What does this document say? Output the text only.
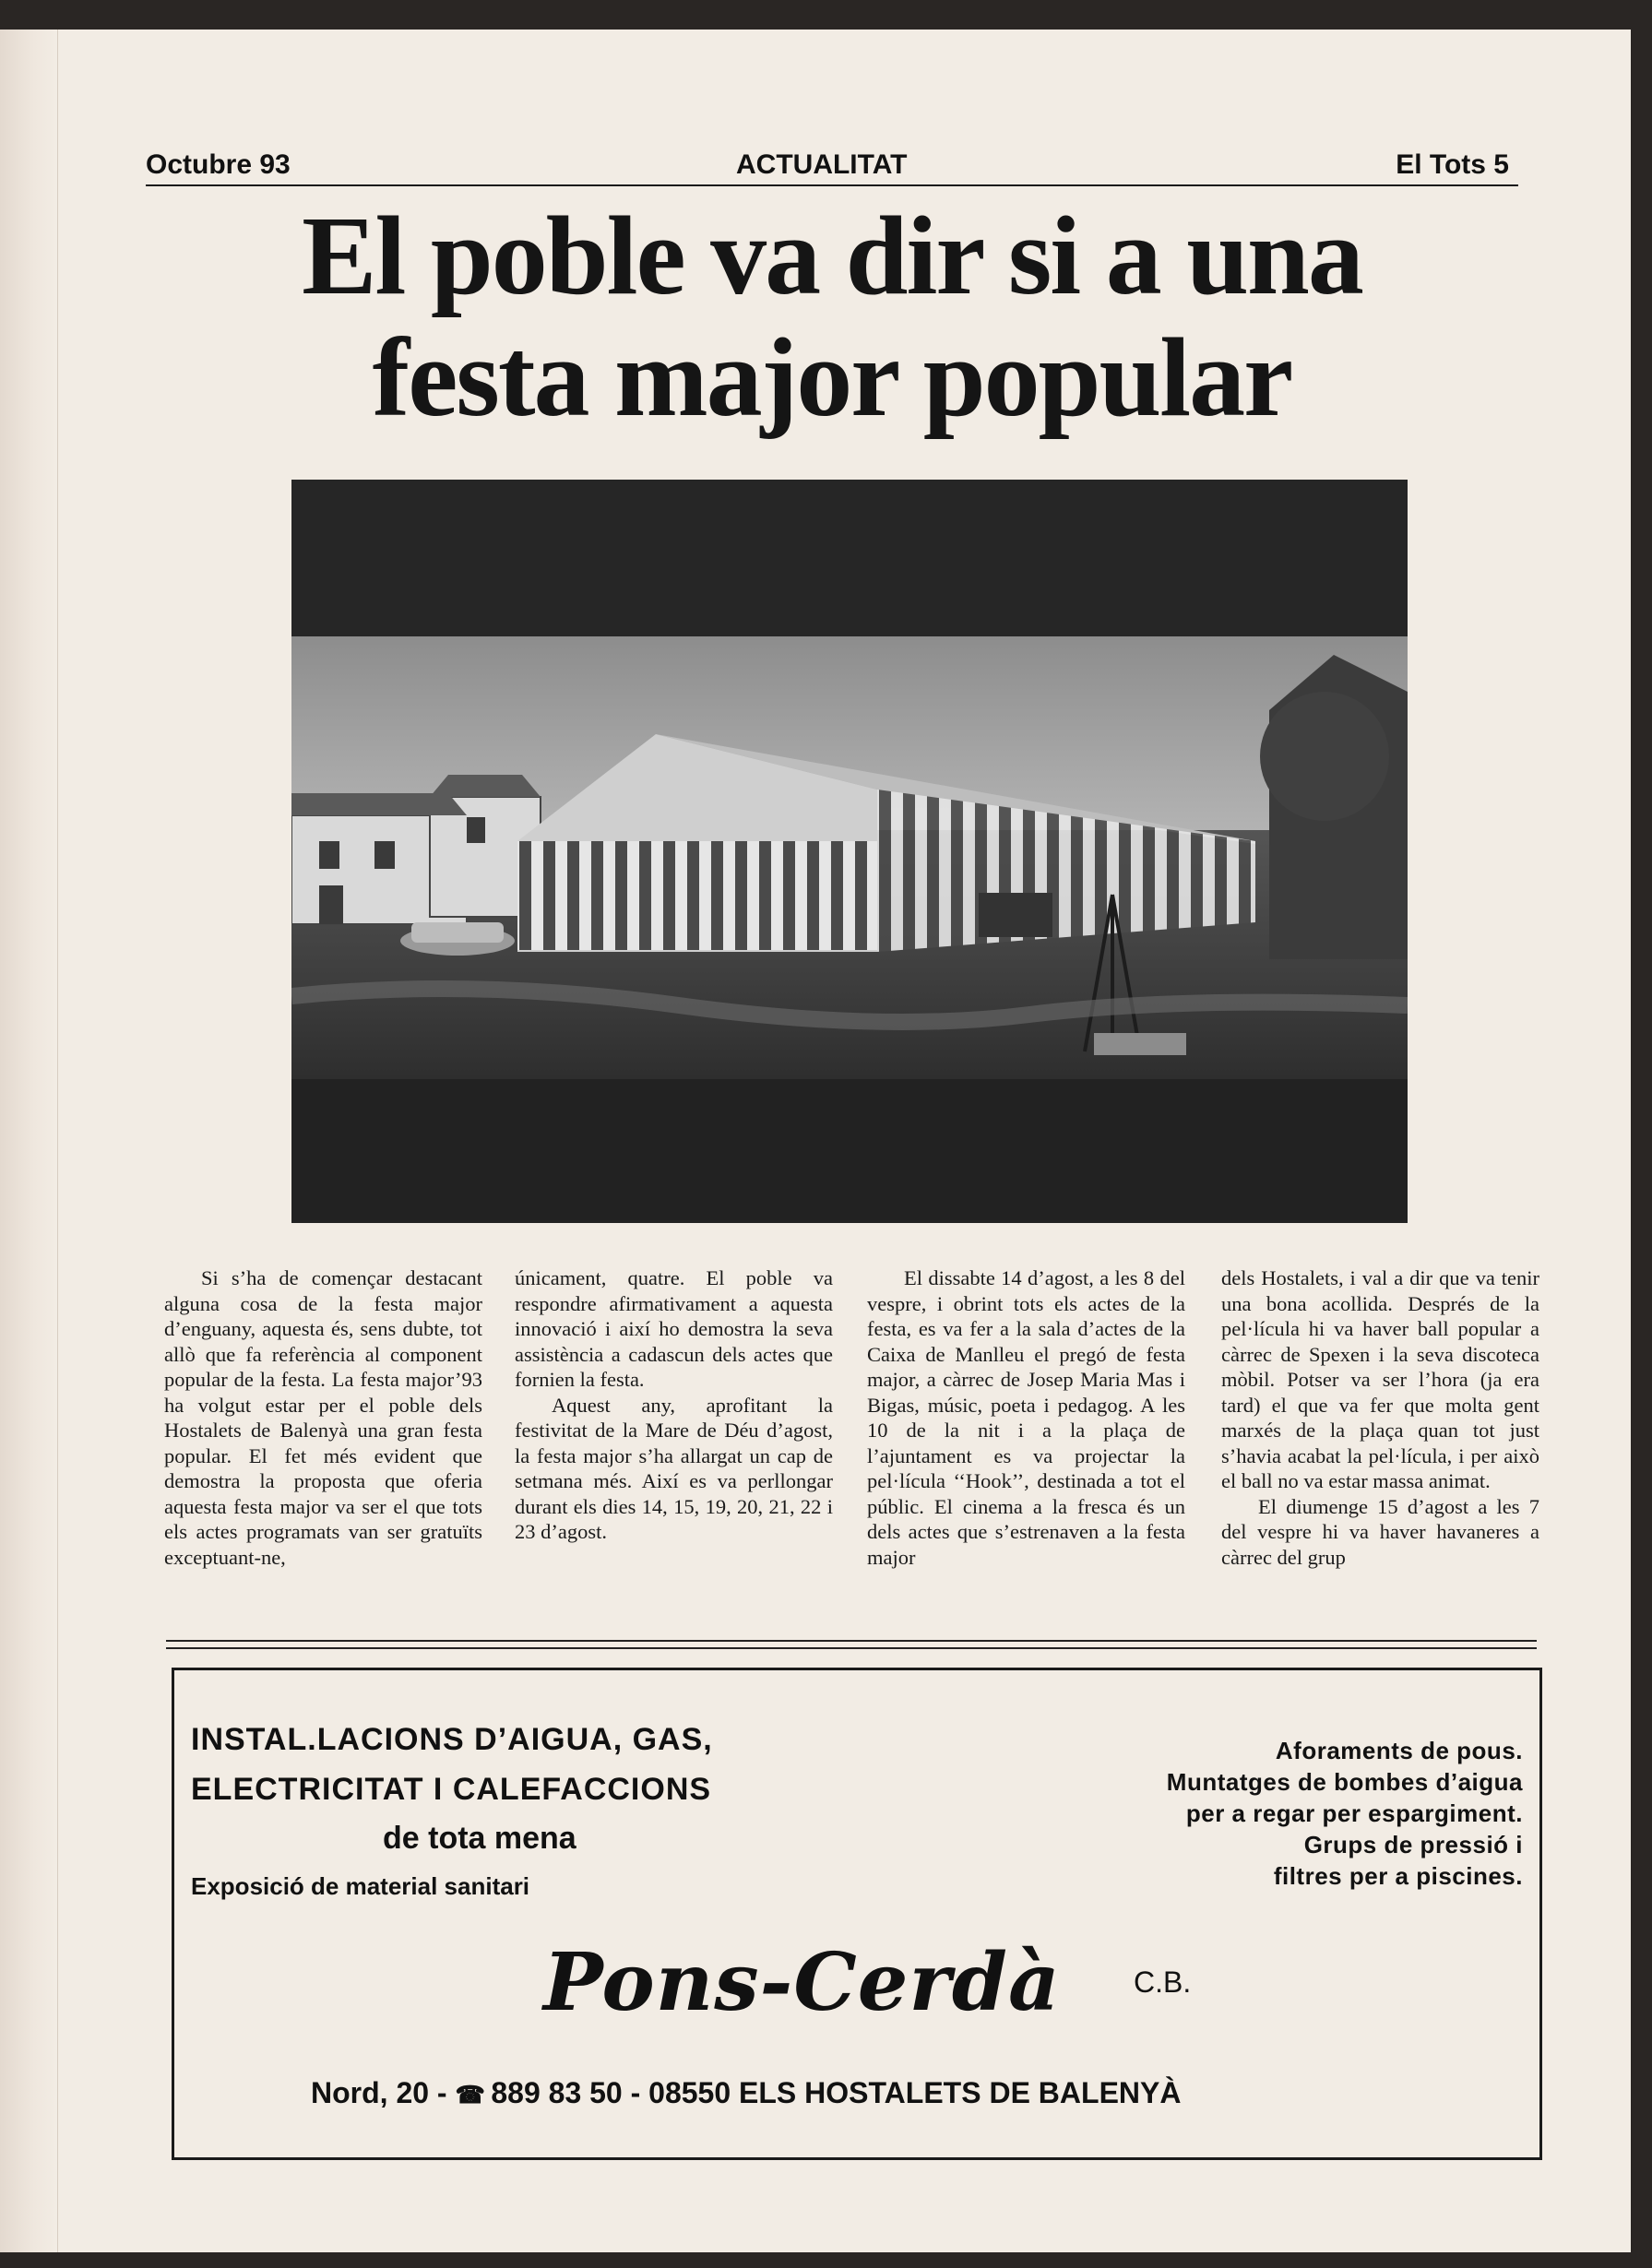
Octubre 93	ACTUALITAT	El Tots 5
El poble va dir si a una
festa major popular

Si s’ha de començar destacant alguna cosa de la festa major d’enguany, aquesta és, sens dubte, tot allò que fa referència al component popular de la festa. La festa major’93 ha volgut estar per el poble dels Hostalets de Balenyà una gran festa popular. El fet més evident que demostra la proposta que oferia aquesta festa major va ser el que tots els actes programats van ser gratuïts exceptuant-ne,

únicament, quatre. El poble va respondre afirmativament a aquesta innovació i així ho demostra la seva assistència a cadascun dels actes que fornien la festa.

Aquest any, aprofitant la festivitat de la Mare de Déu d’agost, la festa major s’ha allargat un cap de setmana més. Així es va perllongar durant els dies 14, 15, 19, 20, 21, 22 i 23 d’agost.

El dissabte 14 d’agost, a les 8 del vespre, i obrint tots els actes de la festa, es va fer a la sala d’actes de la Caixa de Manlleu el pregó de festa major, a càrrec de Josep Maria Mas i Bigas, músic, poeta i pedagog. A les 10 de la nit i a la plaça de l’ajuntament es va projectar la pel·lícula ‘‘Hook’’, destinada a tot el públic. El cinema a la fresca és un dels actes que s’estrenaven a la festa major

dels Hostalets, i val a dir que va tenir una bona acollida. Després de la pel·lícula hi va haver ball popular a càrrec de Spexen i la seva discoteca mòbil. Potser va ser l’hora (ja era tard) el que va fer que molta gent marxés de la plaça quan tot just s’havia acabat la pel·lícula, i per això el ball no va estar massa animat.

El diumenge 15 d’agost a les 7 del vespre hi va haver havaneres a càrrec del grup

INSTAL.LACIONS D’AIGUA, GAS,
ELECTRICITAT I CALEFACCIONS
de tota mena
Exposició de material sanitari
Aforaments de pous.
Muntatges de bombes d’aigua
per a regar per espargiment.
Grups de pressió i
filtres per a piscines.
Pons-Cerdà C.B.
Nord, 20 - ☎ 889 83 50 - 08550 ELS HOSTALETS DE BALENYÀ
